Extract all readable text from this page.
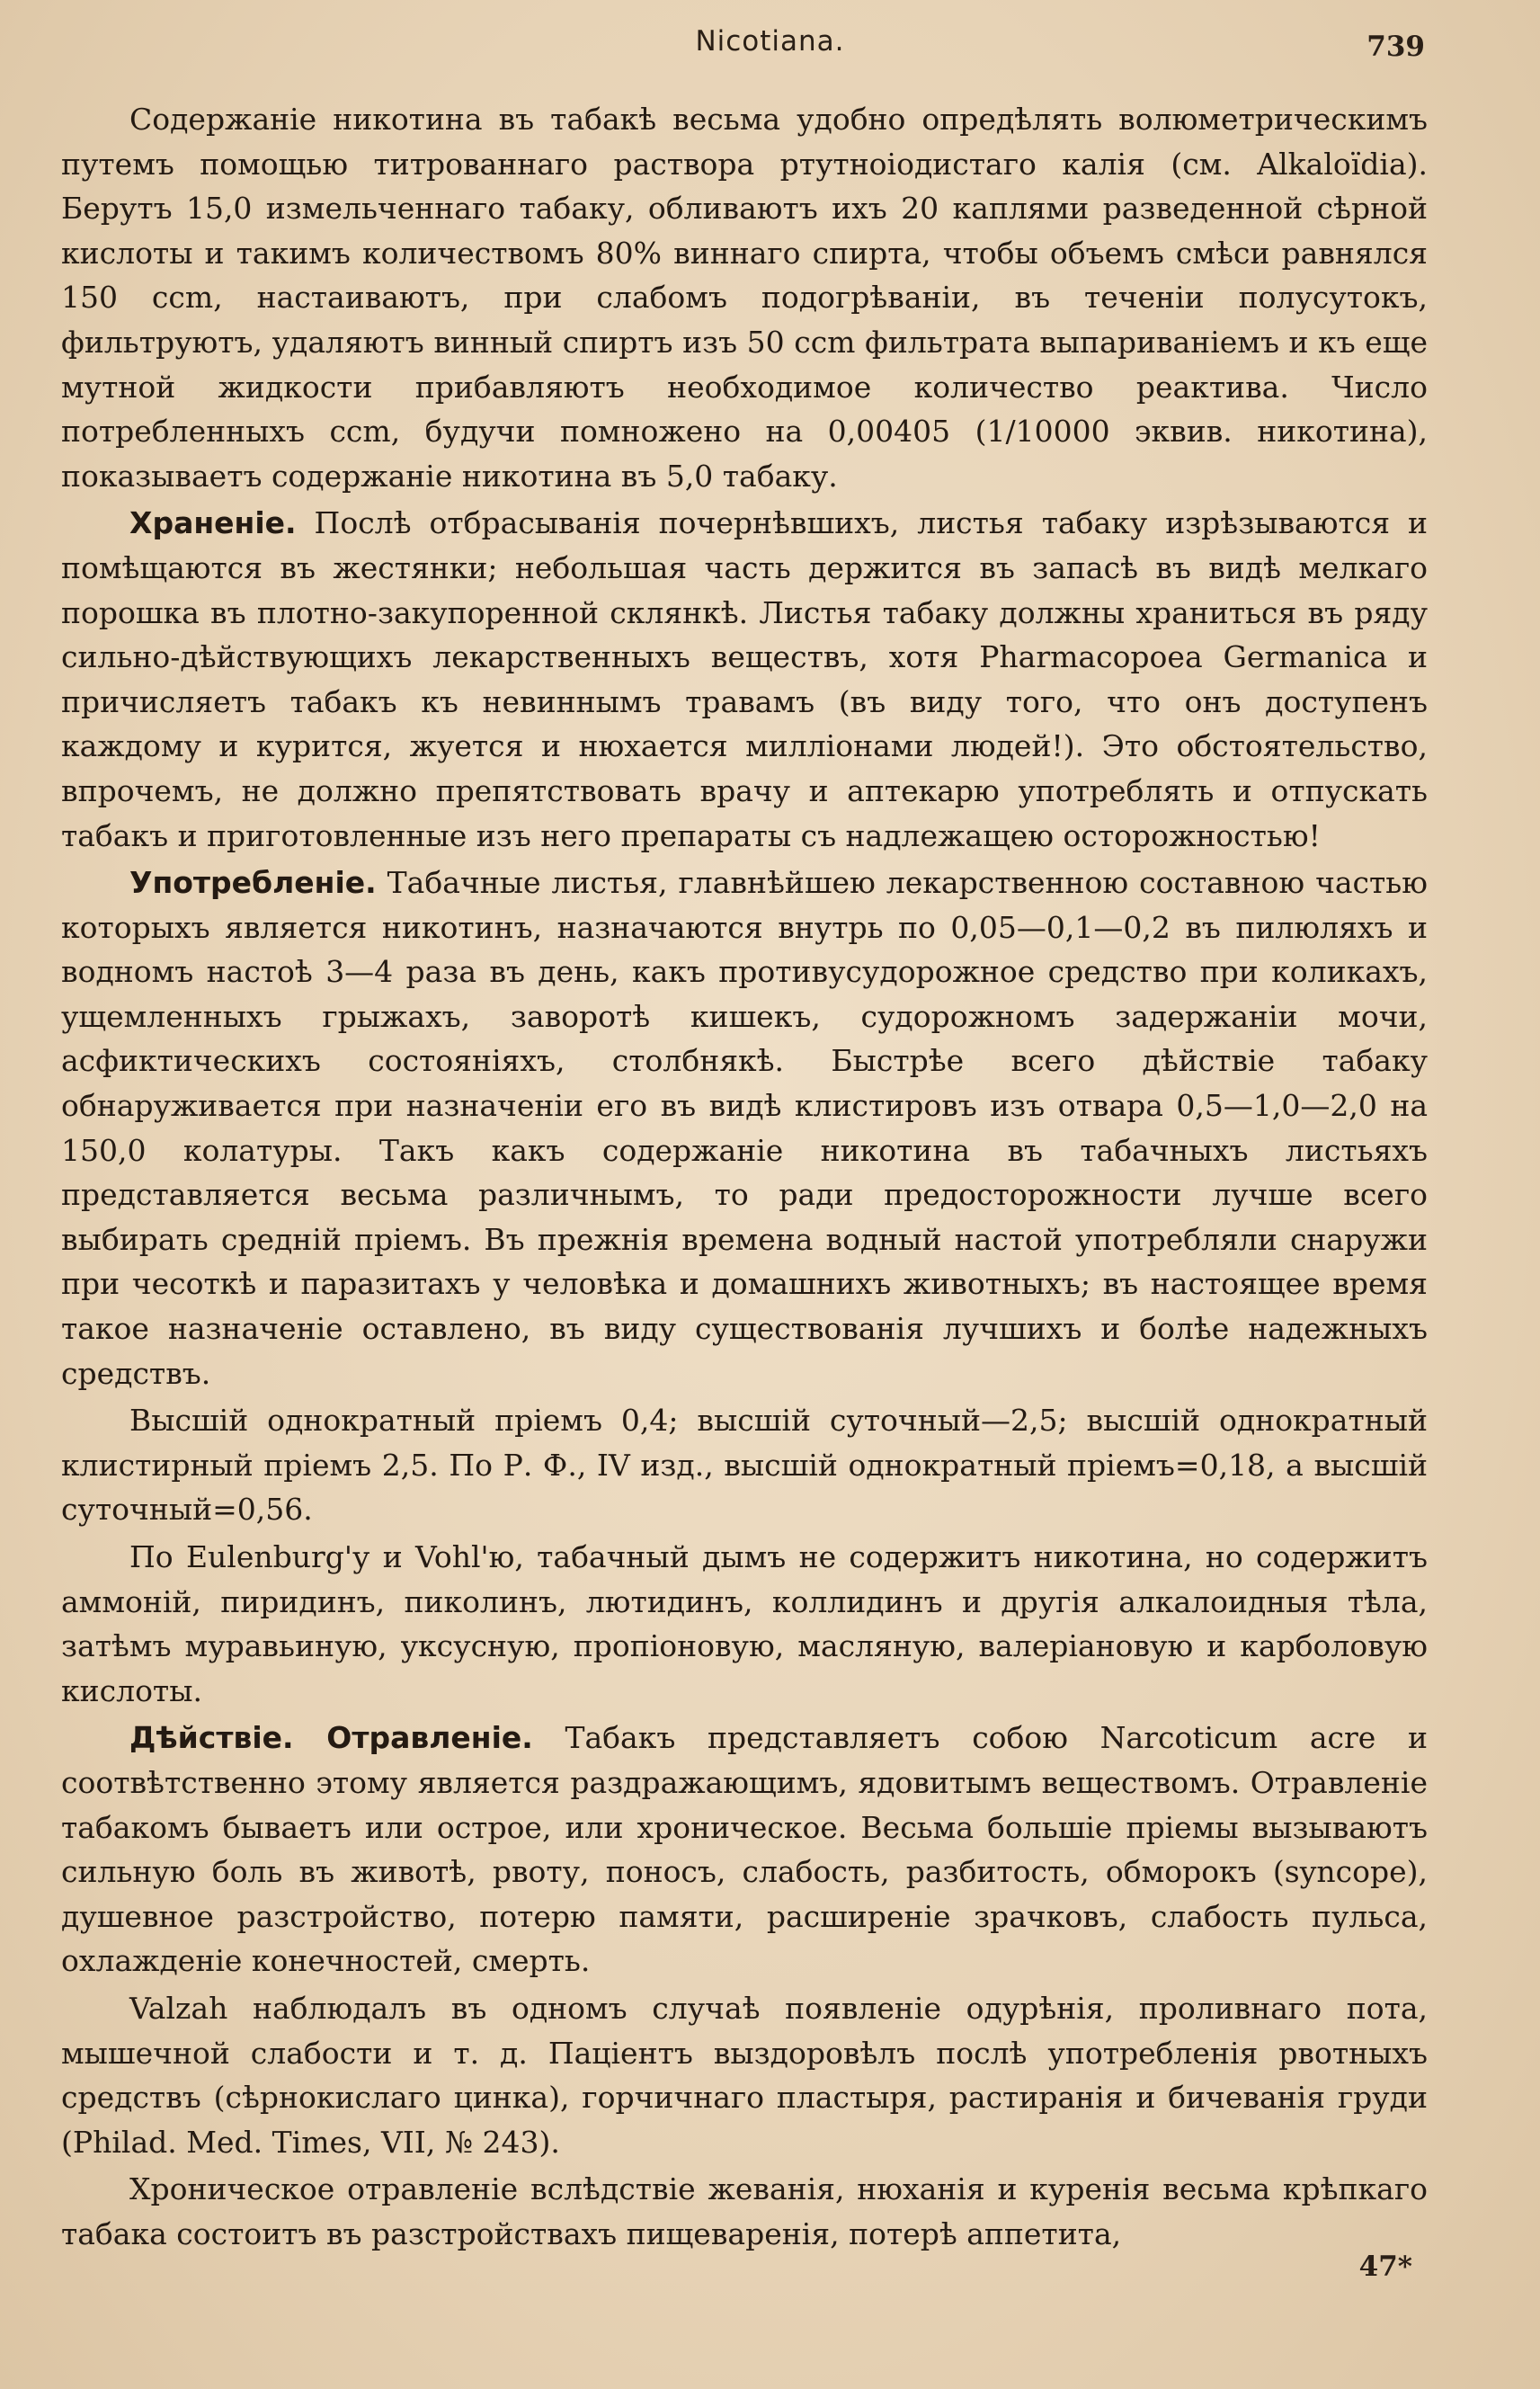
Nicotiana.	739

Содержаніе никотина въ табакѣ весьма удобно опредѣлять волюметрическимъ путемъ помощью титрованнаго раствора ртутноіодистаго калія (см. Alkaloïdia). Берутъ 15,0 измельченнаго табаку, обливаютъ ихъ 20 каплями разведенной сѣрной кислоты и такимъ количествомъ 80% виннаго спирта, чтобы объемъ смѣси равнялся 150 ccm, настаиваютъ, при слабомъ подогрѣваніи, въ теченіи полусутокъ, фильтруютъ, удаляютъ винный спиртъ изъ 50 ccm фильтрата выпариваніемъ и къ еще мутной жидкости прибавляютъ необходимое количество реактива. Число потребленныхъ ccm, будучи помножено на 0,00405 (1/10000 эквив. никотина), показываетъ содержаніе никотина въ 5,0 табаку.

Храненіе. Послѣ отбрасыванія почернѣвшихъ, листья табаку изрѣзываются и помѣщаются въ жестянки; небольшая часть держится въ запасѣ въ видѣ мелкаго порошка въ плотно-закупоренной склянкѣ. Листья табаку должны храниться въ ряду сильно-дѣйствующихъ лекарственныхъ веществъ, хотя Pharmacopoea Germanica и причисляетъ табакъ къ невиннымъ травамъ (въ виду того, что онъ доступенъ каждому и курится, жуется и нюхается милліонами людей!). Это обстоятельство, впрочемъ, не должно препятствовать врачу и аптекарю употреблять и отпускать табакъ и приготовленные изъ него препараты съ надлежащею осторожностью!

Употребленіе. Табачные листья, главнѣйшею лекарственною составною частью которыхъ является никотинъ, назначаются внутрь по 0,05—0,1—0,2 въ пилюляхъ и водномъ настоѣ 3—4 раза въ день, какъ противусудорожное средство при коликахъ, ущемленныхъ грыжахъ, заворотѣ кишекъ, судорожномъ задержаніи мочи, асфиктическихъ состояніяхъ, столбнякѣ. Быстрѣе всего дѣйствіе табаку обнаруживается при назначеніи его въ видѣ клистировъ изъ отвара 0,5—1,0—2,0 на 150,0 колатуры. Такъ какъ содержаніе никотина въ табачныхъ листьяхъ представляется весьма различнымъ, то ради предосторожности лучше всего выбирать средній пріемъ. Въ прежнія времена водный настой употребляли снаружи при чесоткѣ и паразитахъ у человѣка и домашнихъ животныхъ; въ настоящее время такое назначеніе оставлено, въ виду существованія лучшихъ и болѣе надежныхъ средствъ.

Высшій однократный пріемъ 0,4; высшій суточный—2,5; высшій однократный клистирный пріемъ 2,5. По Р. Ф., IV изд., высшій однократный пріемъ=0,18, а высшій суточный=0,56.

По Eulenburg'у и Vohl'ю, табачный дымъ не содержитъ никотина, но содержитъ аммоній, пиридинъ, пиколинъ, лютидинъ, коллидинъ и другія алкалоидныя тѣла, затѣмъ муравьиную, уксусную, пропіоновую, масляную, валеріановую и карболовую кислоты.

Дѣйствіе. Отравленіе. Табакъ представляетъ собою Narcoticum acre и соотвѣтственно этому является раздражающимъ, ядовитымъ веществомъ. Отравленіе табакомъ бываетъ или острое, или хроническое. Весьма большіе пріемы вызываютъ сильную боль въ животѣ, рвоту, поносъ, слабость, разбитость, обморокъ (syncope), душевное разстройство, потерю памяти, расширеніе зрачковъ, слабость пульса, охлажденіе конечностей, смерть.

Valzah наблюдалъ въ одномъ случаѣ появленіе одурѣнія, проливнаго пота, мышечной слабости и т. д. Паціентъ выздоровѣлъ послѣ употребленія рвотныхъ средствъ (сѣрнокислаго цинка), горчичнаго пластыря, растиранія и бичеванія груди (Philad. Med. Times, VII, № 243).

Хроническое отравленіе вслѣдствіе жеванія, нюханія и куренія весьма крѣпкаго табака состоитъ въ разстройствахъ пищеваренія, потерѣ аппетита,

47*
